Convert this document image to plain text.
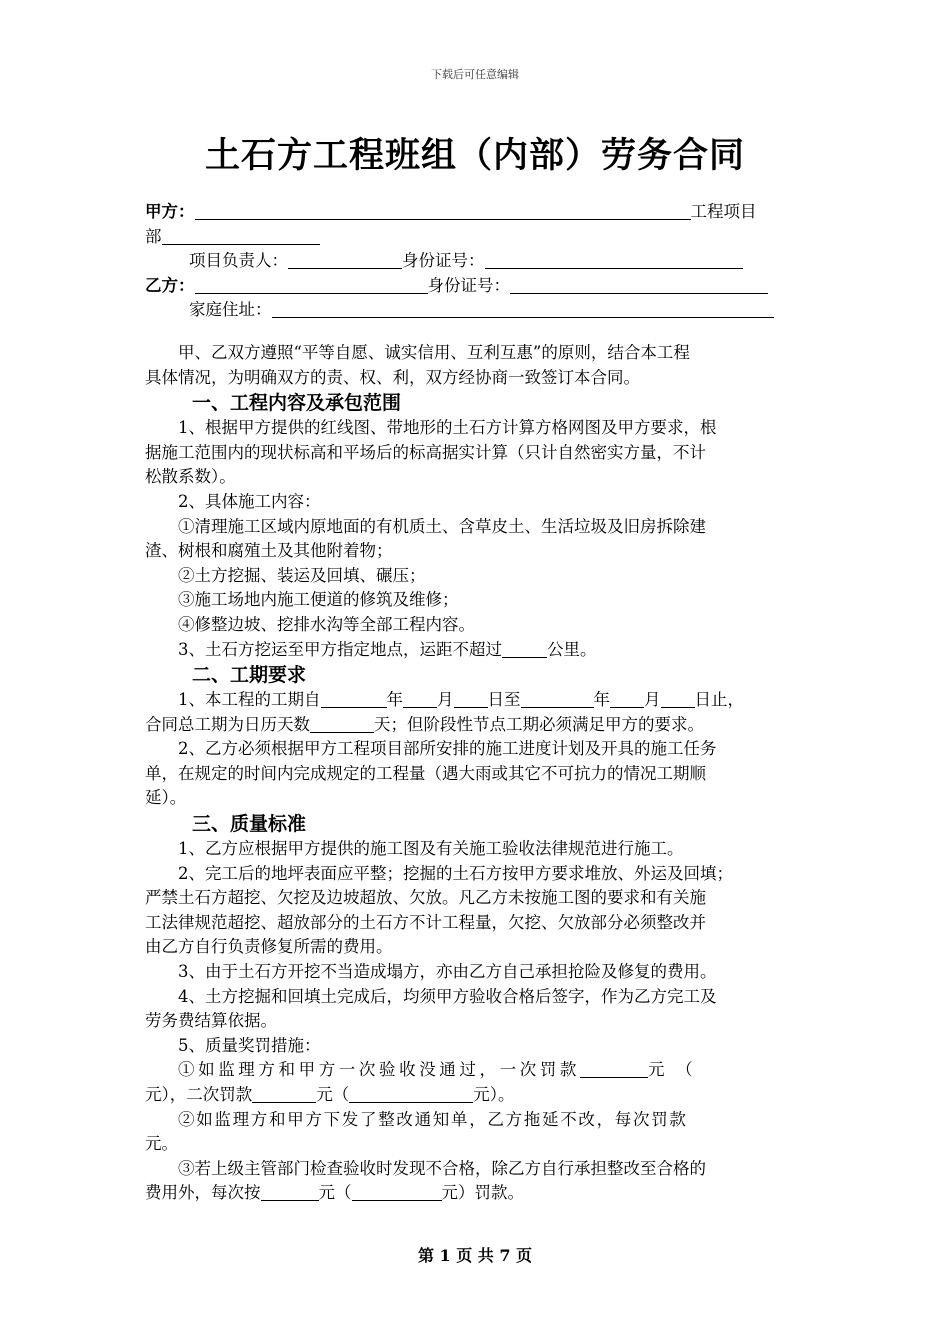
下载后可任意编辑
土石方工程班组（内部）劳务合同
甲方：	工程项目
部
项目负责人：	身份证号：
乙方：	身份证号：
家庭住址：
甲、乙双方遵照“平等自愿、诚实信用、互利互惠”的原则，结合本工程
具体情况，为明确双方的责、权、利，双方经协商一致签订本合同。
一、工程内容及承包范围
1、根据甲方提供的红线图、带地形的土石方计算方格网图及甲方要求，根
据施工范围内的现状标高和平场后的标高据实计算（只计自然密实方量，不计
松散系数）。
2、具体施工内容：
①清理施工区域内原地面的有机质土、含草皮土、生活垃圾及旧房拆除建
渣、树根和腐殖土及其他附着物；
②土方挖掘、装运及回填、碾压；
③施工场地内施工便道的修筑及维修；
④修整边坡、挖排水沟等全部工程内容。
3、土石方挖运至甲方指定地点，运距不超过	公里。
二、工期要求
1、本工程的工期自	年 月 日至	年 月 日止，
合同总工期为日历天数	天；但阶段性节点工期必须满足甲方的要求。
2、乙方必须根据甲方工程项目部所安排的施工进度计划及开具的施工任务
单，在规定的时间内完成规定的工程量（遇大雨或其它不可抗力的情况工期顺
延）。
三、质量标准
1、乙方应根据甲方提供的施工图及有关施工验收法律规范进行施工。
2、完工后的地坪表面应平整；挖掘的土石方按甲方要求堆放、外运及回填；
严禁土石方超挖、欠挖及边坡超放、欠放。凡乙方未按施工图的要求和有关施
工法律规范超挖、超放部分的土石方不计工程量，欠挖、欠放部分必须整改并
由乙方自行负责修复所需的费用。
3、由于土石方开挖不当造成塌方，亦由乙方自己承担抢险及修复的费用。
4、土方挖掘和回填土完成后，均须甲方验收合格后签字，作为乙方完工及
劳务费结算依据。
5、质量奖罚措施：
①如监理方和甲方一次验收没通过，一次罚款	元 （
元），二次罚款	元（	元）。
②如监理方和甲方下发了整改通知单，乙方拖延不改，每次罚款
元。
③若上级主管部门检查验收时发现不合格，除乙方自行承担整改至合格的
费用外，每次按	元（	元）罚款。
第 1 页 共 7 页
